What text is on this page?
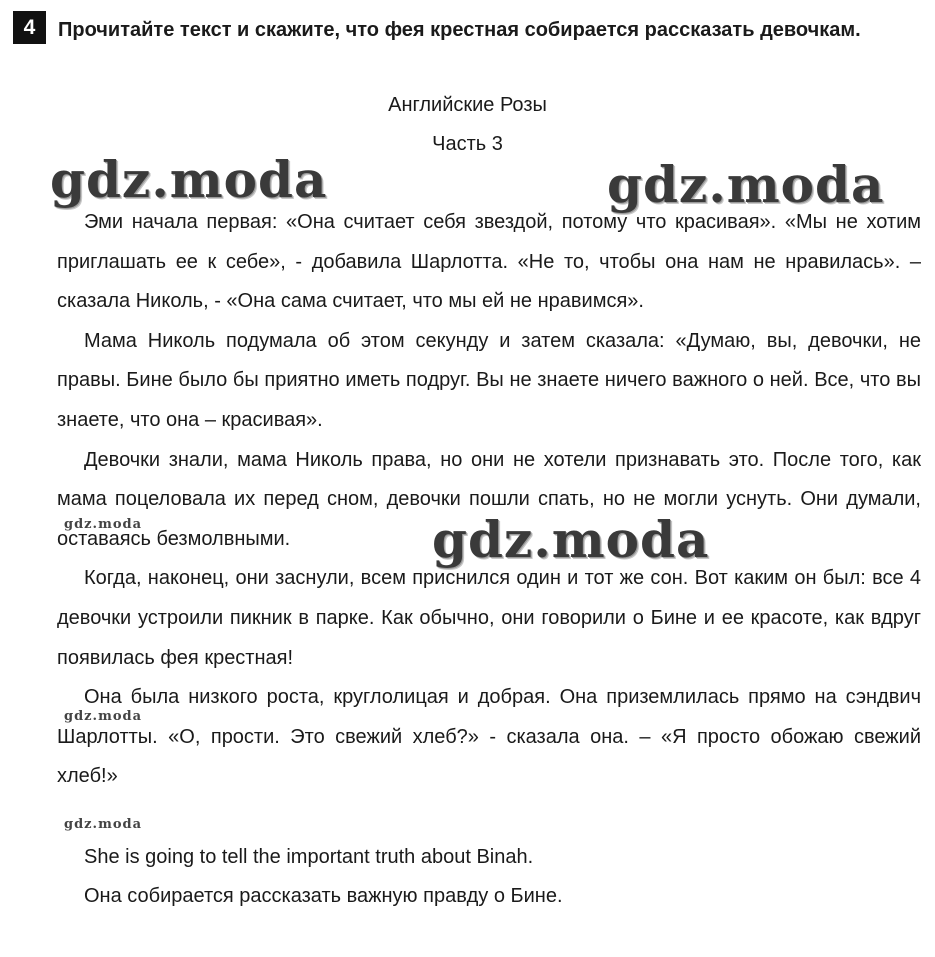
4	Прочитайте текст и скажите, что фея крестная собирается рассказать девочкам.
Английские Розы
Часть 3

Эми начала первая: «Она считает себя звездой, потому что красивая». «Мы не хотим приглашать ее к себе», - добавила Шарлотта. «Не то, чтобы она нам не нравилась». – сказала Николь, - «Она сама считает, что мы ей не нравимся».

Мама Николь подумала об этом секунду и затем сказала: «Думаю, вы, девочки, не правы. Бине было бы приятно иметь подруг. Вы не знаете ничего важного о ней. Все, что вы знаете, что она – красивая».

Девочки знали, мама Николь права, но они не хотели признавать это. После того, как мама поцеловала их перед сном, девочки пошли спать, но не могли уснуть. Они думали, оставаясь безмолвными.

Когда, наконец, они заснули, всем приснился один и тот же сон. Вот каким он был: все 4 девочки устроили пикник в парке. Как обычно, они говорили о Бине и ее красоте, как вдруг появилась фея крестная!

Она была низкого роста, круглолицая и добрая. Она приземлилась прямо на сэндвич Шарлотты. «О, прости. Это свежий хлеб?» - сказала она. – «Я просто обожаю свежий хлеб!»

She is going to tell the important truth about Binah.
Она собирается рассказать важную правду о Бине.
gdz.moda	gdz.moda
gdz.moda
gdz.moda
gdz.moda
gdz.moda
